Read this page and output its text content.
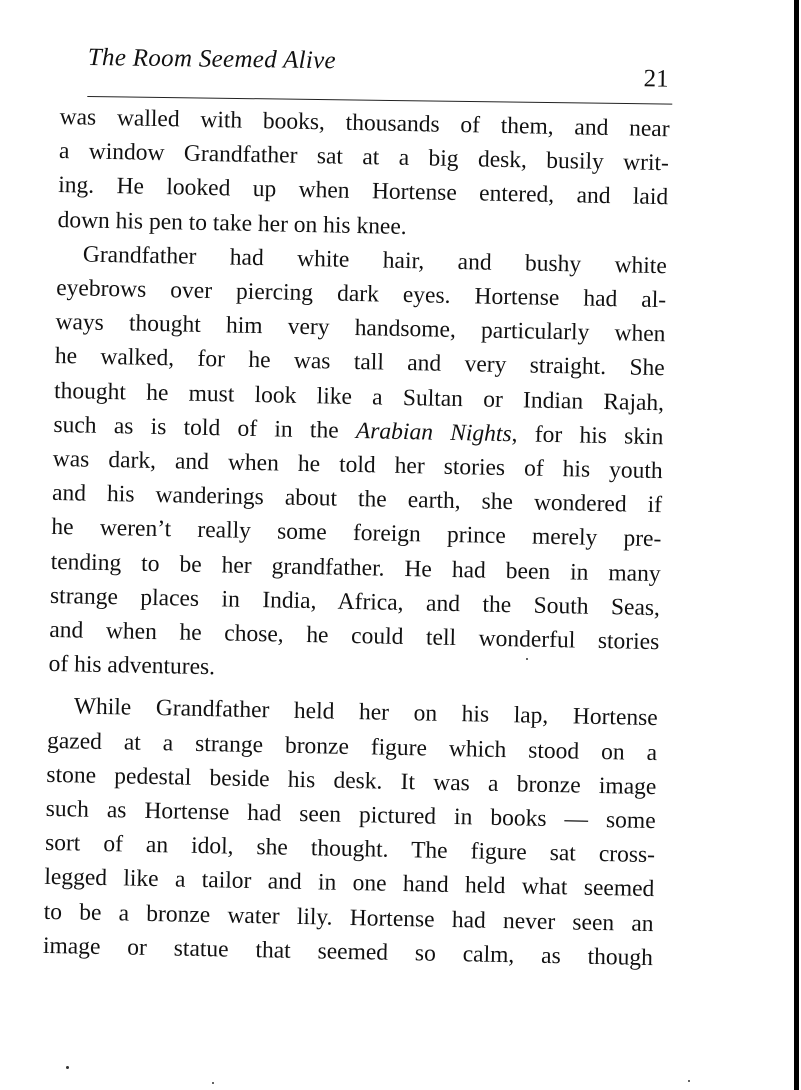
The Room Seemed Alive
21

was walled with books, thousands of them, and near
a window Grandfather sat at a big desk, busily writ-
ing. He looked up when Hortense entered, and laid
down his pen to take her on his knee.

Grandfather had white hair, and bushy white
eyebrows over piercing dark eyes. Hortense had al-
ways thought him very handsome, particularly when
he walked, for he was tall and very straight. She
thought he must look like a Sultan or Indian Rajah,
such as is told of in the Arabian Nights, for his skin
was dark, and when he told her stories of his youth
and his wanderings about the earth, she wondered if
he weren’t really some foreign prince merely pre-
tending to be her grandfather. He had been in many
strange places in India, Africa, and the South Seas,
and when he chose, he could tell wonderful stories
of his adventures.

While Grandfather held her on his lap, Hortense
gazed at a strange bronze figure which stood on a
stone pedestal beside his desk. It was a bronze image
such as Hortense had seen pictured in books — some
sort of an idol, she thought. The figure sat cross-
legged like a tailor and in one hand held what seemed
to be a bronze water lily. Hortense had never seen an
image or statue that seemed so calm, as though
